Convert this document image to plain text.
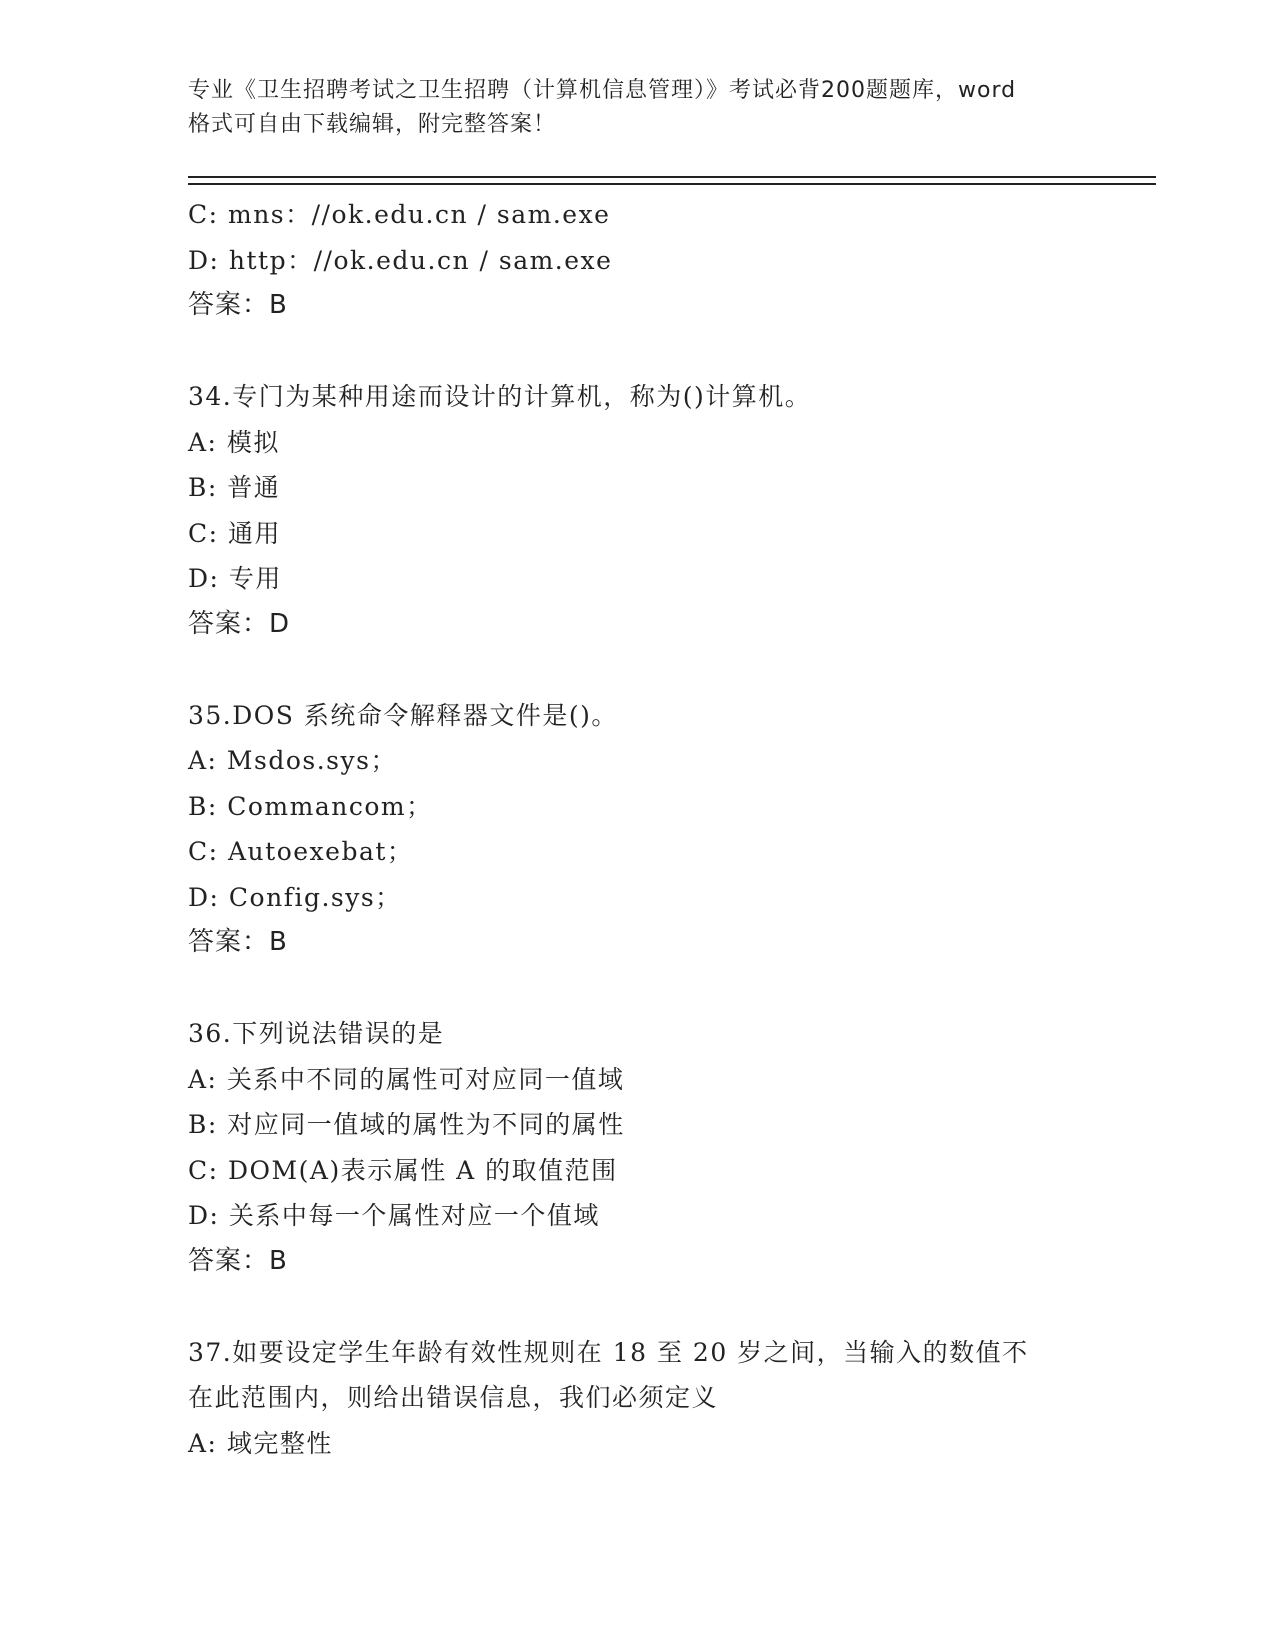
专业《卫生招聘考试之卫生招聘（计算机信息管理）》考试必背200题题库，word
格式可自由下载编辑，附完整答案！
C: mns：//ok.edu.cn / sam.exe
D: http：//ok.edu.cn / sam.exe
答案：B
34.专门为某种用途而设计的计算机，称为()计算机。
A: 模拟
B: 普通
C: 通用
D: 专用
答案：D
35.DOS 系统命令解释器文件是()。
A: Msdos.sys；
B: Commancom；
C: Autoexebat；
D: Config.sys；
答案：B
36.下列说法错误的是
A: 关系中不同的属性可对应同一值域
B: 对应同一值域的属性为不同的属性
C: DOM(A)表示属性 A 的取值范围
D: 关系中每一个属性对应一个值域
答案：B
37.如要设定学生年龄有效性规则在 18 至 20 岁之间，当输入的数值不
在此范围内，则给出错误信息，我们必须定义
A: 域完整性
